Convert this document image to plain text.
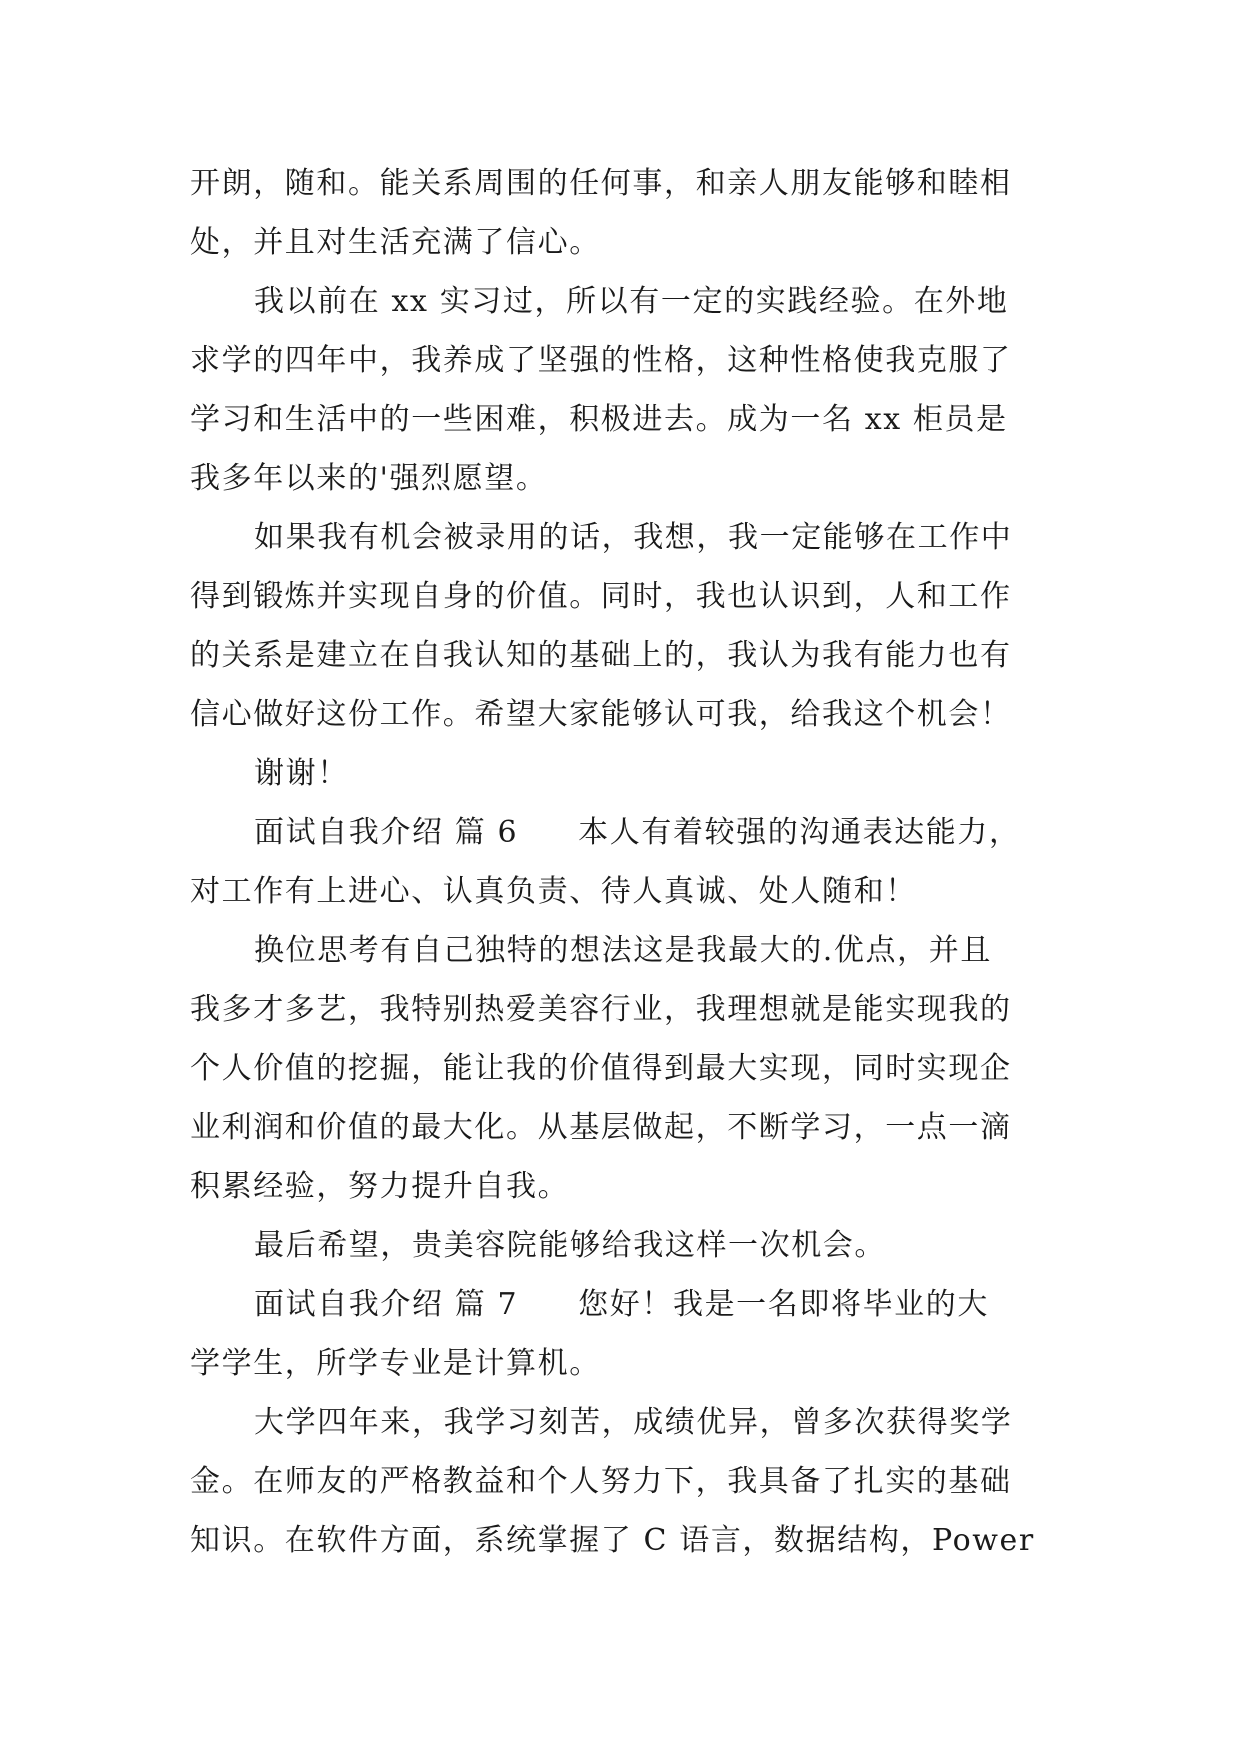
开朗，随和。能关系周围的任何事，和亲人朋友能够和睦相
处，并且对生活充满了信心。
我以前在 xx 实习过，所以有一定的实践经验。在外地
求学的四年中，我养成了坚强的性格，这种性格使我克服了
学习和生活中的一些困难，积极进去。成为一名 xx 柜员是
我多年以来的'强烈愿望。
如果我有机会被录用的话，我想，我一定能够在工作中
得到锻炼并实现自身的价值。同时，我也认识到，人和工作
的关系是建立在自我认知的基础上的，我认为我有能力也有
信心做好这份工作。希望大家能够认可我，给我这个机会！
谢谢！
面试自我介绍 篇 6 本人有着较强的沟通表达能力，
对工作有上进心、认真负责、待人真诚、处人随和！
换位思考有自己独特的想法这是我最大的.优点，并且
我多才多艺，我特别热爱美容行业，我理想就是能实现我的
个人价值的挖掘，能让我的价值得到最大实现，同时实现企
业利润和价值的最大化。从基层做起，不断学习，一点一滴
积累经验，努力提升自我。
最后希望，贵美容院能够给我这样一次机会。
面试自我介绍 篇 7 您好！我是一名即将毕业的大
学学生，所学专业是计算机。
大学四年来，我学习刻苦，成绩优异，曾多次获得奖学
金。在师友的严格教益和个人努力下，我具备了扎实的基础
知识。在软件方面，系统掌握了 C 语言，数据结构，Power
